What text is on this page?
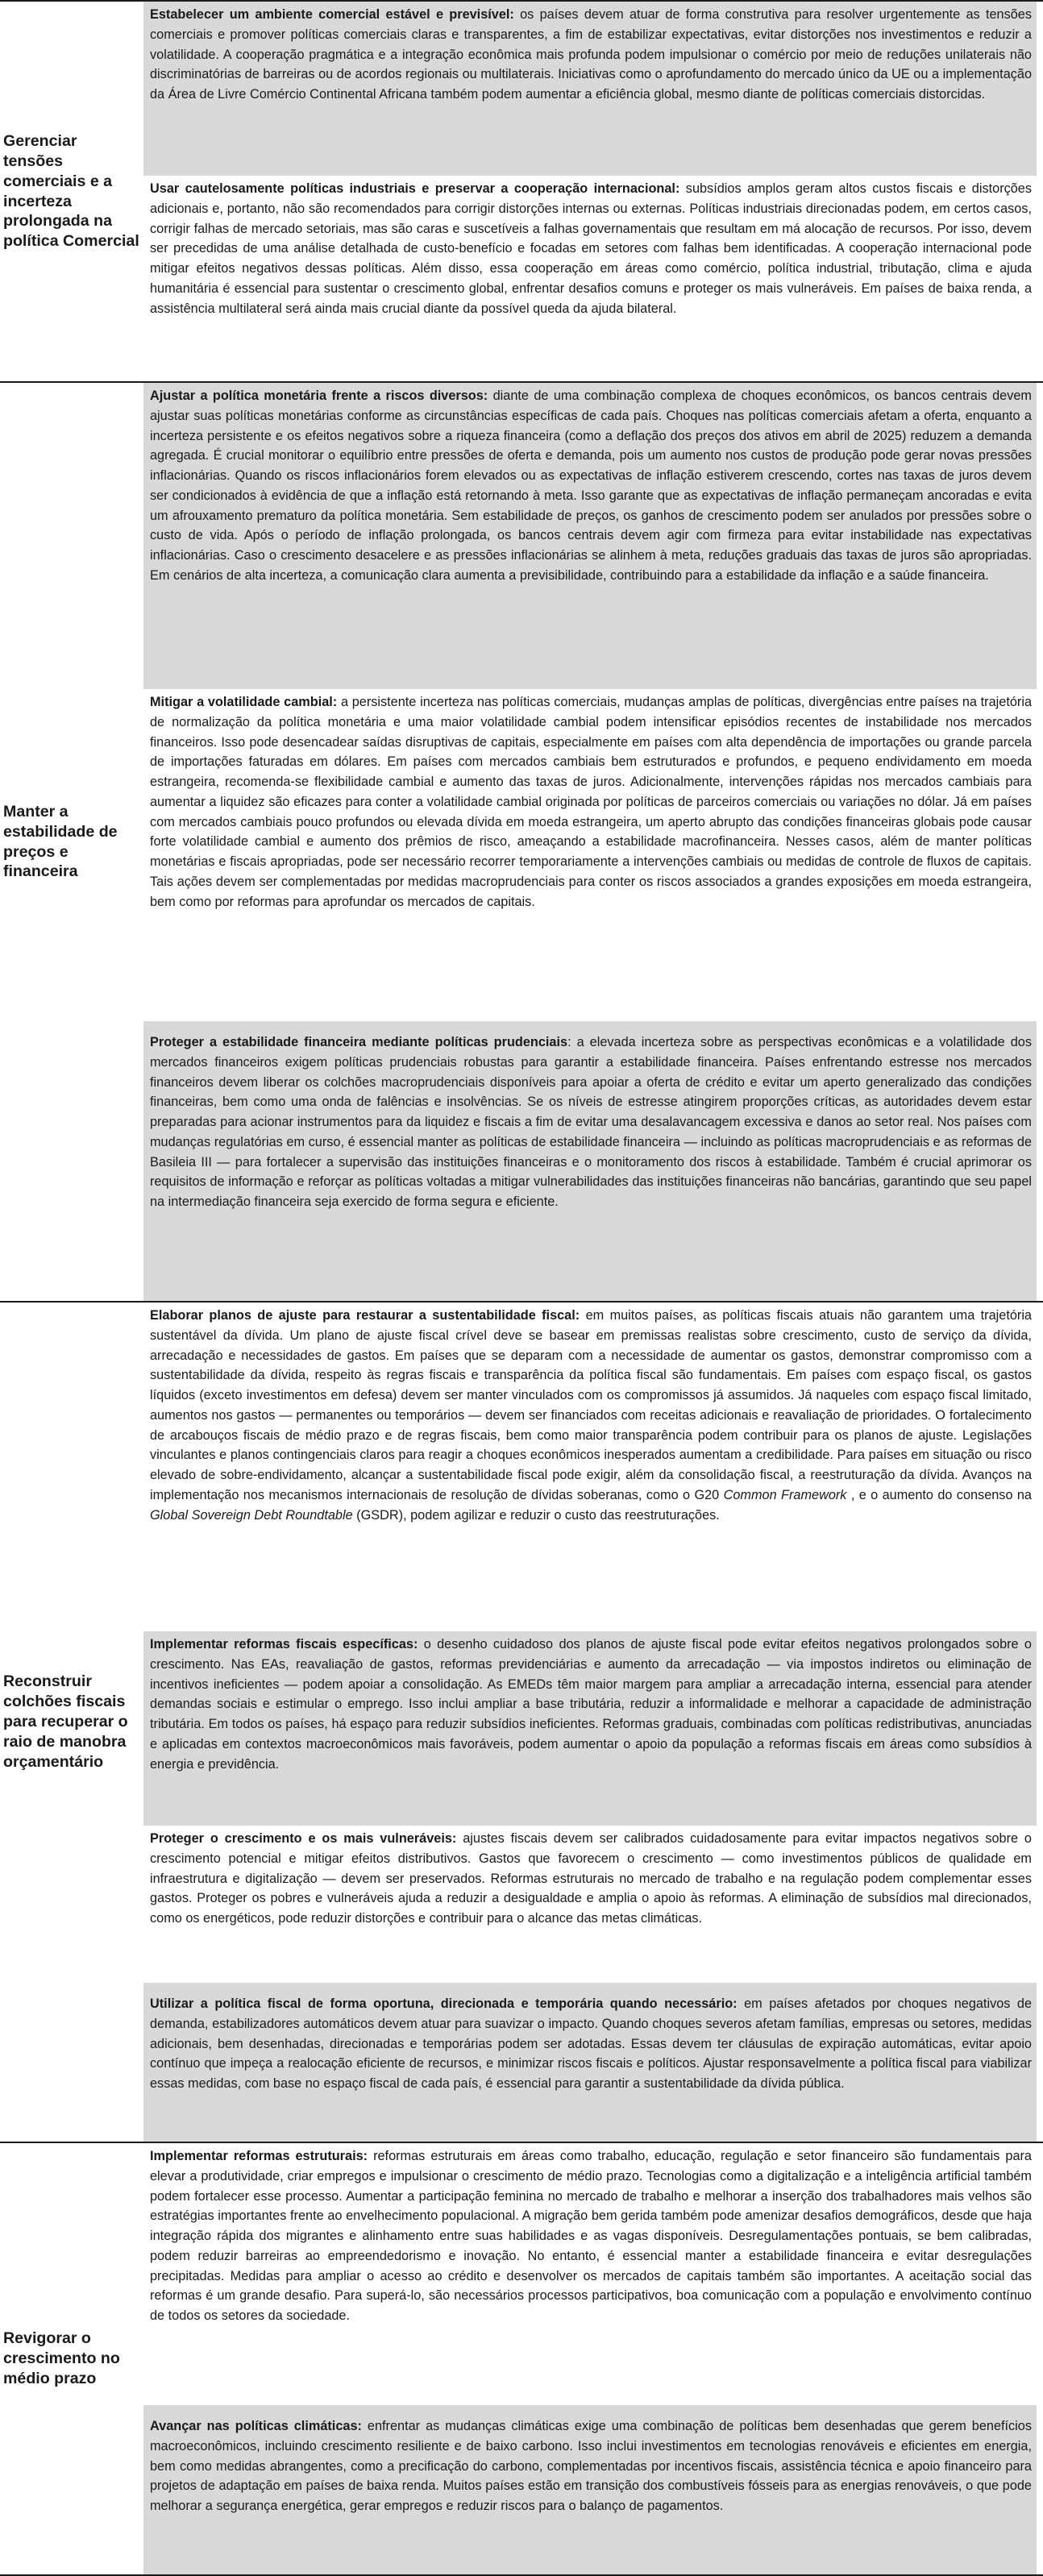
Gerenciar tensões comerciais e a incerteza prolongada na política Comercial
Estabelecer um ambiente comercial estável e previsível: os países devem atuar de forma construtiva para resolver urgentemente as tensões comerciais e promover políticas comerciais claras e transparentes, a fim de estabilizar expectativas, evitar distorções nos investimentos e reduzir a volatilidade. A cooperação pragmática e a integração econômica mais profunda podem impulsionar o comércio por meio de reduções unilaterais não discriminatórias de barreiras ou de acordos regionais ou multilaterais. Iniciativas como o aprofundamento do mercado único da UE ou a implementação da Área de Livre Comércio Continental Africana também podem aumentar a eficiência global, mesmo diante de políticas comerciais distorcidas.
Usar cautelosamente políticas industriais e preservar a cooperação internacional: subsídios amplos geram altos custos fiscais e distorções adicionais e, portanto, não são recomendados para corrigir distorções internas ou externas. Políticas industriais direcionadas podem, em certos casos, corrigir falhas de mercado setoriais, mas são caras e suscetíveis a falhas governamentais que resultam em má alocação de recursos. Por isso, devem ser precedidas de uma análise detalhada de custo-benefício e focadas em setores com falhas bem identificadas. A cooperação internacional pode mitigar efeitos negativos dessas políticas. Além disso, essa cooperação em áreas como comércio, política industrial, tributação, clima e ajuda humanitária é essencial para sustentar o crescimento global, enfrentar desafios comuns e proteger os mais vulneráveis. Em países de baixa renda, a assistência multilateral será ainda mais crucial diante da possível queda da ajuda bilateral.
Manter a estabilidade de preços e financeira
Ajustar a política monetária frente a riscos diversos: diante de uma combinação complexa de choques econômicos, os bancos centrais devem ajustar suas políticas monetárias conforme as circunstâncias específicas de cada país. Choques nas políticas comerciais afetam a oferta, enquanto a incerteza persistente e os efeitos negativos sobre a riqueza financeira (como a deflação dos preços dos ativos em abril de 2025) reduzem a demanda agregada. É crucial monitorar o equilíbrio entre pressões de oferta e demanda, pois um aumento nos custos de produção pode gerar novas pressões inflacionárias. Quando os riscos inflacionários forem elevados ou as expectativas de inflação estiverem crescendo, cortes nas taxas de juros devem ser condicionados à evidência de que a inflação está retornando à meta. Isso garante que as expectativas de inflação permaneçam ancoradas e evita um afrouxamento prematuro da política monetária. Sem estabilidade de preços, os ganhos de crescimento podem ser anulados por pressões sobre o custo de vida. Após o período de inflação prolongada, os bancos centrais devem agir com firmeza para evitar instabilidade nas expectativas inflacionárias. Caso o crescimento desacelere e as pressões inflacionárias se alinhem à meta, reduções graduais das taxas de juros são apropriadas. Em cenários de alta incerteza, a comunicação clara aumenta a previsibilidade, contribuindo para a estabilidade da inflação e a saúde financeira.
Mitigar a volatilidade cambial: a persistente incerteza nas políticas comerciais, mudanças amplas de políticas, divergências entre países na trajetória de normalização da política monetária e uma maior volatilidade cambial podem intensificar episódios recentes de instabilidade nos mercados financeiros. Isso pode desencadear saídas disruptivas de capitais, especialmente em países com alta dependência de importações ou grande parcela de importações faturadas em dólares. Em países com mercados cambiais bem estruturados e profundos, e pequeno endividamento em moeda estrangeira, recomenda-se flexibilidade cambial e aumento das taxas de juros. Adicionalmente, intervenções rápidas nos mercados cambiais para aumentar a liquidez são eficazes para conter a volatilidade cambial originada por políticas de parceiros comerciais ou variações no dólar. Já em países com mercados cambiais pouco profundos ou elevada dívida em moeda estrangeira, um aperto abrupto das condições financeiras globais pode causar forte volatilidade cambial e aumento dos prêmios de risco, ameaçando a estabilidade macrofinanceira. Nesses casos, além de manter políticas monetárias e fiscais apropriadas, pode ser necessário recorrer temporariamente a intervenções cambiais ou medidas de controle de fluxos de capitais. Tais ações devem ser complementadas por medidas macroprudenciais para conter os riscos associados a grandes exposições em moeda estrangeira, bem como por reformas para aprofundar os mercados de capitais.
Proteger a estabilidade financeira mediante políticas prudenciais: a elevada incerteza sobre as perspectivas econômicas e a volatilidade dos mercados financeiros exigem políticas prudenciais robustas para garantir a estabilidade financeira. Países enfrentando estresse nos mercados financeiros devem liberar os colchões macroprudenciais disponíveis para apoiar a oferta de crédito e evitar um aperto generalizado das condições financeiras, bem como uma onda de falências e insolvências. Se os níveis de estresse atingirem proporções críticas, as autoridades devem estar preparadas para acionar instrumentos para da liquidez e fiscais a fim de evitar uma desalavancagem excessiva e danos ao setor real. Nos países com mudanças regulatórias em curso, é essencial manter as políticas de estabilidade financeira — incluindo as políticas macroprudenciais e as reformas de Basileia III — para fortalecer a supervisão das instituições financeiras e o monitoramento dos riscos à estabilidade. Também é crucial aprimorar os requisitos de informação e reforçar as políticas voltadas a mitigar vulnerabilidades das instituições financeiras não bancárias, garantindo que seu papel na intermediação financeira seja exercido de forma segura e eficiente.
Reconstruir colchões fiscais para recuperar o raio de manobra orçamentário
Elaborar planos de ajuste para restaurar a sustentabilidade fiscal: em muitos países, as políticas fiscais atuais não garantem uma trajetória sustentável da dívida. Um plano de ajuste fiscal crível deve se basear em premissas realistas sobre crescimento, custo de serviço da dívida, arrecadação e necessidades de gastos. Em países que se deparam com a necessidade de aumentar os gastos, demonstrar compromisso com a sustentabilidade da dívida, respeito às regras fiscais e transparência da política fiscal são fundamentais. Em países com espaço fiscal, os gastos líquidos (exceto investimentos em defesa) devem ser manter vinculados com os compromissos já assumidos. Já naqueles com espaço fiscal limitado, aumentos nos gastos — permanentes ou temporários — devem ser financiados com receitas adicionais e reavaliação de prioridades. O fortalecimento de arcabouços fiscais de médio prazo e de regras fiscais, bem como maior transparência podem contribuir para os planos de ajuste. Legislações vinculantes e planos contingenciais claros para reagir a choques econômicos inesperados aumentam a credibilidade. Para países em situação ou risco elevado de sobre-endividamento, alcançar a sustentabilidade fiscal pode exigir, além da consolidação fiscal, a reestruturação da dívida. Avanços na implementação nos mecanismos internacionais de resolução de dívidas soberanas, como o G20 Common Framework , e o aumento do consenso na Global Sovereign Debt Roundtable (GSDR), podem agilizar e reduzir o custo das reestruturações.
Implementar reformas fiscais específicas: o desenho cuidadoso dos planos de ajuste fiscal pode evitar efeitos negativos prolongados sobre o crescimento. Nas EAs, reavaliação de gastos, reformas previdenciárias e aumento da arrecadação — via impostos indiretos ou eliminação de incentivos ineficientes — podem apoiar a consolidação. As EMEDs têm maior margem para ampliar a arrecadação interna, essencial para atender demandas sociais e estimular o emprego. Isso inclui ampliar a base tributária, reduzir a informalidade e melhorar a capacidade de administração tributária. Em todos os países, há espaço para reduzir subsídios ineficientes. Reformas graduais, combinadas com políticas redistributivas, anunciadas e aplicadas em contextos macroeconômicos mais favoráveis, podem aumentar o apoio da população a reformas fiscais em áreas como subsídios à energia e previdência.
Proteger o crescimento e os mais vulneráveis: ajustes fiscais devem ser calibrados cuidadosamente para evitar impactos negativos sobre o crescimento potencial e mitigar efeitos distributivos. Gastos que favorecem o crescimento — como investimentos públicos de qualidade em infraestrutura e digitalização — devem ser preservados. Reformas estruturais no mercado de trabalho e na regulação podem complementar esses gastos. Proteger os pobres e vulneráveis ajuda a reduzir a desigualdade e amplia o apoio às reformas. A eliminação de subsídios mal direcionados, como os energéticos, pode reduzir distorções e contribuir para o alcance das metas climáticas.
Utilizar a política fiscal de forma oportuna, direcionada e temporária quando necessário: em países afetados por choques negativos de demanda, estabilizadores automáticos devem atuar para suavizar o impacto. Quando choques severos afetam famílias, empresas ou setores, medidas adicionais, bem desenhadas, direcionadas e temporárias podem ser adotadas. Essas devem ter cláusulas de expiração automáticas, evitar apoio contínuo que impeça a realocação eficiente de recursos, e minimizar riscos fiscais e políticos. Ajustar responsavelmente a política fiscal para viabilizar essas medidas, com base no espaço fiscal de cada país, é essencial para garantir a sustentabilidade da dívida pública.
Revigorar o crescimento no médio prazo
Implementar reformas estruturais: reformas estruturais em áreas como trabalho, educação, regulação e setor financeiro são fundamentais para elevar a produtividade, criar empregos e impulsionar o crescimento de médio prazo. Tecnologias como a digitalização e a inteligência artificial também podem fortalecer esse processo. Aumentar a participação feminina no mercado de trabalho e melhorar a inserção dos trabalhadores mais velhos são estratégias importantes frente ao envelhecimento populacional. A migração bem gerida também pode amenizar desafios demográficos, desde que haja integração rápida dos migrantes e alinhamento entre suas habilidades e as vagas disponíveis. Desregulamentações pontuais, se bem calibradas, podem reduzir barreiras ao empreendedorismo e inovação. No entanto, é essencial manter a estabilidade financeira e evitar desregulações precipitadas. Medidas para ampliar o acesso ao crédito e desenvolver os mercados de capitais também são importantes. A aceitação social das reformas é um grande desafio. Para superá-lo, são necessários processos participativos, boa comunicação com a população e envolvimento contínuo de todos os setores da sociedade.
Avançar nas políticas climáticas: enfrentar as mudanças climáticas exige uma combinação de políticas bem desenhadas que gerem benefícios macroeconômicos, incluindo crescimento resiliente e de baixo carbono. Isso inclui investimentos em tecnologias renováveis e eficientes em energia, bem como medidas abrangentes, como a precificação do carbono, complementadas por incentivos fiscais, assistência técnica e apoio financeiro para projetos de adaptação em países de baixa renda. Muitos países estão em transição dos combustíveis fósseis para as energias renováveis, o que pode melhorar a segurança energética, gerar empregos e reduzir riscos para o balanço de pagamentos.
